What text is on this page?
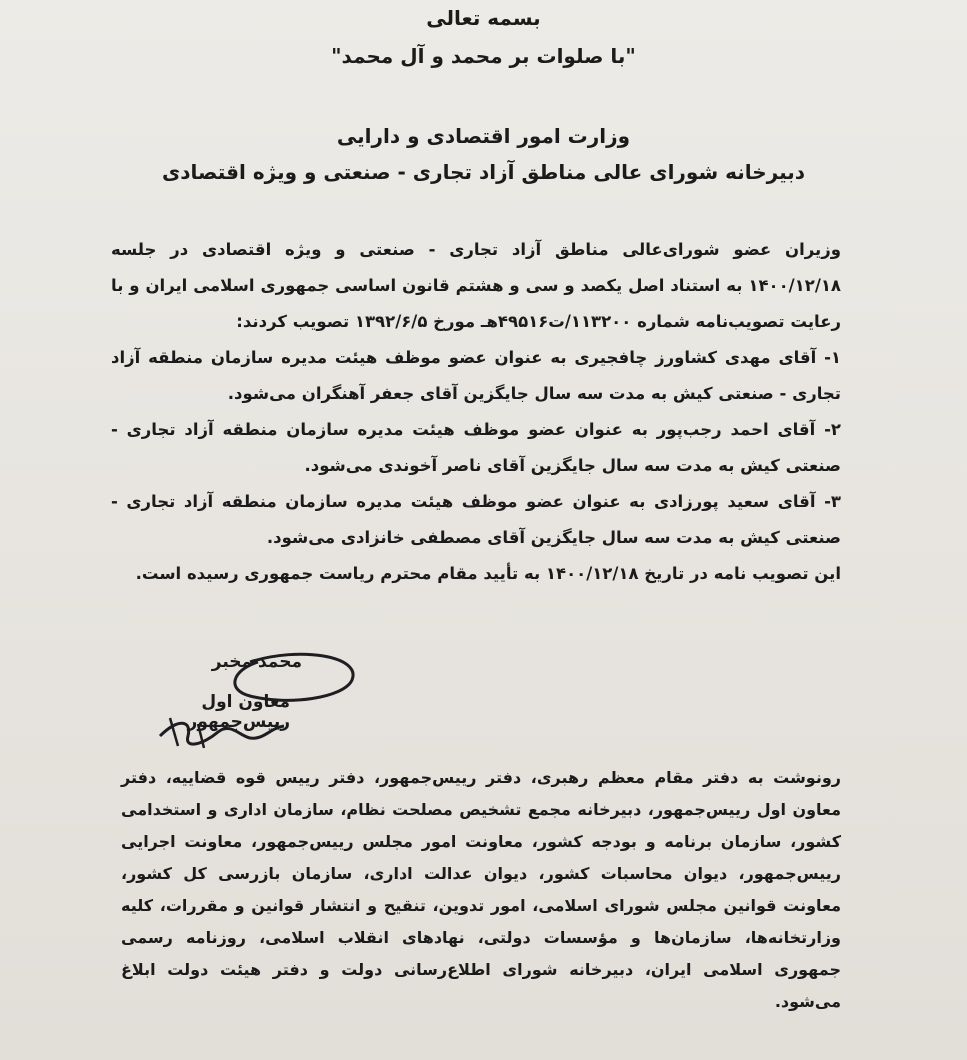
بسمه تعالی
"با صلوات بر محمد و آل محمد"
وزارت امور اقتصادی و دارایی
دبیرخانه شورای عالی مناطق آزاد تجاری - صنعتی و ویژه اقتصادی

وزیران عضو شورای‌عالی مناطق آزاد تجاری - صنعتی و ویژه اقتصادی در جلسه ۱۴۰۰/۱۲/۱۸ به استناد اصل یکصد و سی و هشتم قانون اساسی جمهوری اسلامی ایران و با رعایت تصویب‌نامه شماره ۱۱۳۲۰۰/ت۴۹۵۱۶هـ مورخ ۱۳۹۲/۶/۵ تصویب کردند:

۱- آقای مهدی کشاورز چافجیری به عنوان عضو موظف هیئت مدیره سازمان منطقه آزاد تجاری - صنعتی کیش به مدت سه سال جایگزین آقای جعفر آهنگران می‌شود.

۲- آقای احمد رجب‌پور به عنوان عضو موظف هیئت مدیره سازمان منطقه آزاد تجاری - صنعتی کیش به مدت سه سال جایگزین آقای ناصر آخوندی می‌شود.

۳- آقای سعید پورزادی به عنوان عضو موظف هیئت مدیره سازمان منطقه آزاد تجاری - صنعتی کیش به مدت سه سال جایگزین آقای مصطفی خانزادی می‌شود.

این تصویب نامه در تاریخ ۱۴۰۰/۱۲/۱۸ به تأیید مقام محترم ریاست جمهوری رسیده است.

محمد مخبر
معاون اول رییس‌جمهور
رونوشت به دفتر مقام معظم رهبری، دفتر رییس‌جمهور، دفتر رییس قوه قضاییه، دفتر معاون اول رییس‌جمهور، دبیرخانه مجمع تشخیص مصلحت نظام، سازمان اداری و استخدامی کشور، سازمان برنامه و بودجه کشور، معاونت امور مجلس رییس‌جمهور، معاونت اجرایی رییس‌جمهور، دیوان محاسبات کشور، دیوان عدالت اداری، سازمان بازرسی کل کشور، معاونت قوانین مجلس شورای اسلامی، امور تدوین، تنقیح و انتشار قوانین و مقررات، کلیه وزارتخانه‌ها، سازمان‌ها و مؤسسات دولتی، نهادهای انقلاب اسلامی، روزنامه رسمی جمهوری اسلامی ایران، دبیرخانه شورای اطلاع‌رسانی دولت و دفتر هیئت دولت ابلاغ می‌شود.
